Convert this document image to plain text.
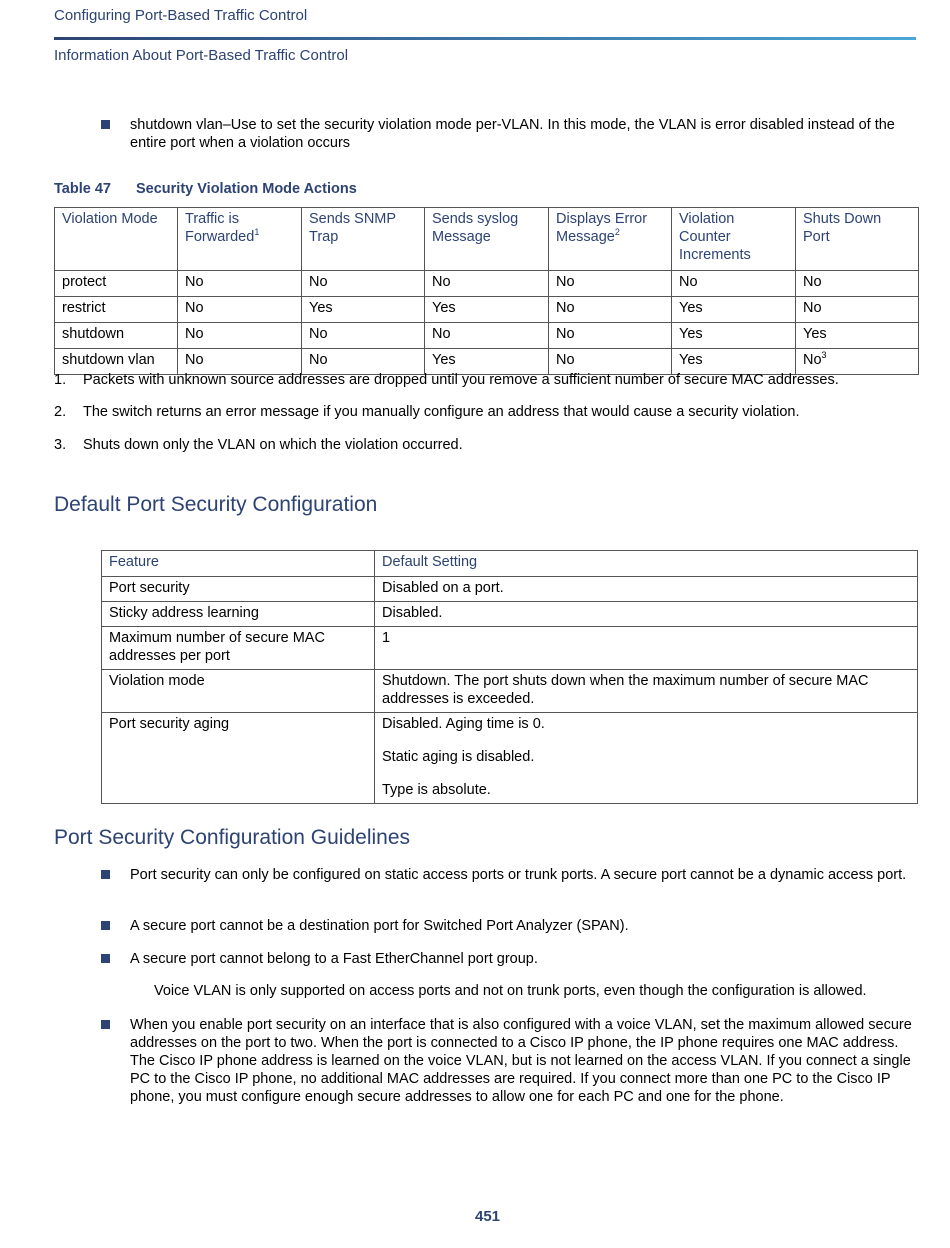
Configuring Port-Based Traffic Control
Information About Port-Based Traffic Control
shutdown vlan–Use to set the security violation mode per-VLAN. In this mode, the VLAN is error disabled instead of the entire port when a violation occurs
Table 47 Security Violation Mode Actions
Violation Mode	Traffic is Forwarded$^1$	Sends SNMP Trap	Sends syslog Message	Displays Error Message$^2$	Violation Counter Increments	Shuts Down Port
protect	No	No	No	No	No	No
restrict	No	Yes	Yes	No	Yes	No
shutdown	No	No	No	No	Yes	Yes
shutdown vlan	No	No	Yes	No	Yes	No$^3$
1. Packets with unknown source addresses are dropped until you remove a sufficient number of secure MAC addresses.
2. The switch returns an error message if you manually configure an address that would cause a security violation.
3. Shuts down only the VLAN on which the violation occurred.
Default Port Security Configuration
Feature	Default Setting
Port security	Disabled on a port.

Sticky address learning	Disabled.

Maximum number of secure MAC addresses per port	1

Violation mode	Shutdown. The port shuts down when the maximum number of secure MAC addresses is exceeded.

Port security aging	Disabled. Aging time is 0.

Static aging is disabled.

Type is absolute.

Port Security Configuration Guidelines
Port security can only be configured on static access ports or trunk ports. A secure port cannot be a dynamic access port.
A secure port cannot be a destination port for Switched Port Analyzer (SPAN).
A secure port cannot belong to a Fast EtherChannel port group.
Voice VLAN is only supported on access ports and not on trunk ports, even though the configuration is allowed.
When you enable port security on an interface that is also configured with a voice VLAN, set the maximum allowed secure addresses on the port to two. When the port is connected to a Cisco IP phone, the IP phone requires one MAC address. The Cisco IP phone address is learned on the voice VLAN, but is not learned on the access VLAN. If you connect a single PC to the Cisco IP phone, no additional MAC addresses are required. If you connect more than one PC to the Cisco IP phone, you must configure enough secure addresses to allow one for each PC and one for the phone.
451
